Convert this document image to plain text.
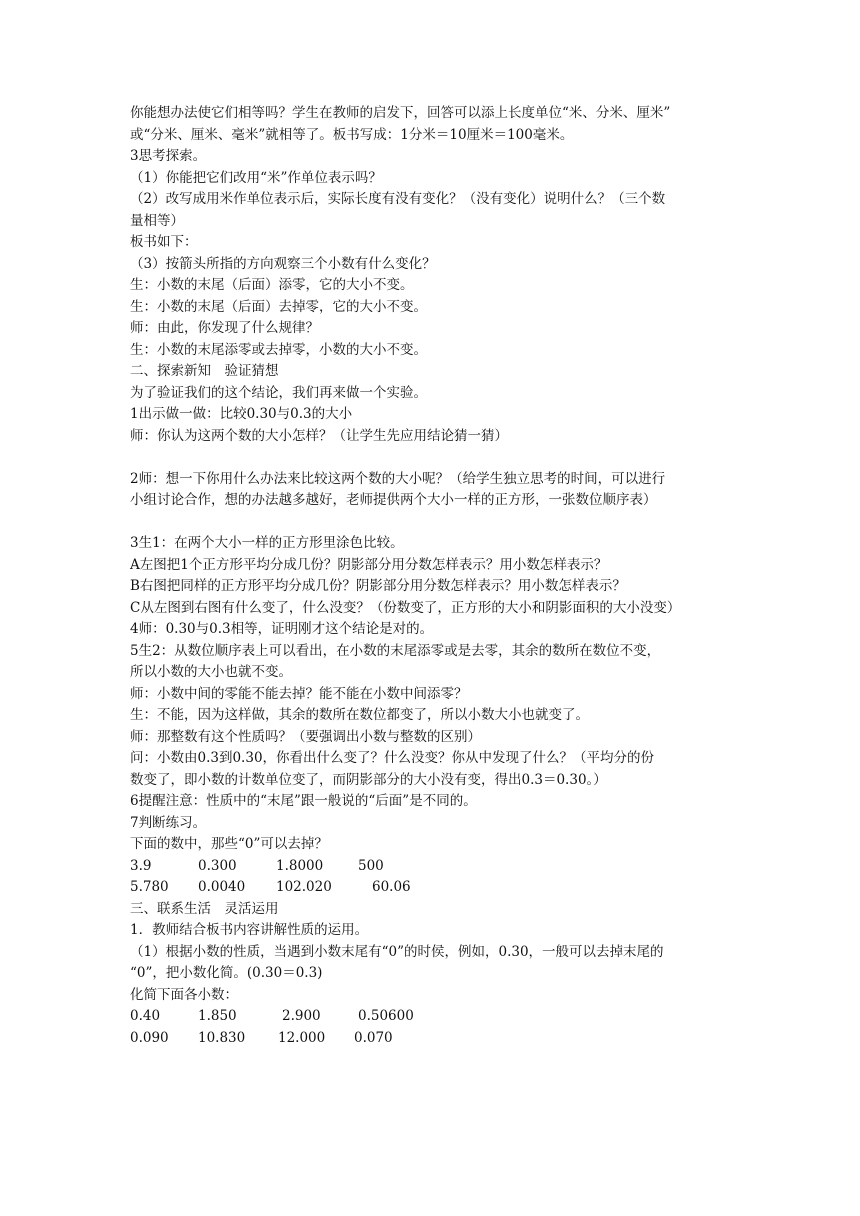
你能想办法使它们相等吗？学生在教师的启发下，回答可以添上长度单位“米、分米、厘米”

或“分米、厘米、毫米”就相等了。板书写成：1分米＝10厘米＝100毫米。

3思考探索。

（1）你能把它们改用“米”作单位表示吗？

（2）改写成用米作单位表示后，实际长度有没有变化？（没有变化）说明什么？（三个数

量相等）

板书如下：

（3）按箭头所指的方向观察三个小数有什么变化？

生：小数的末尾（后面）添零，它的大小不变。

生：小数的末尾（后面）去掉零，它的大小不变。

师：由此，你发现了什么规律？

生：小数的末尾添零或去掉零，小数的大小不变。

二、探索新知　验证猜想

为了验证我们的这个结论，我们再来做一个实验。

1出示做一做：比较0.30与0.3的大小

师：你认为这两个数的大小怎样？（让学生先应用结论猜一猜）

2师：想一下你用什么办法来比较这两个数的大小呢？（给学生独立思考的时间，可以进行

小组讨论合作，想的办法越多越好，老师提供两个大小一样的正方形，一张数位顺序表）

3生1：在两个大小一样的正方形里涂色比较。

A左图把1个正方形平均分成几份？阴影部分用分数怎样表示？用小数怎样表示？

B右图把同样的正方形平均分成几份？阴影部分用分数怎样表示？用小数怎样表示？

C从左图到右图有什么变了，什么没变？（份数变了，正方形的大小和阴影面积的大小没变）

4师：0.30与0.3相等，证明刚才这个结论是对的。

5生2：从数位顺序表上可以看出，在小数的末尾添零或是去零，其余的数所在数位不变，

所以小数的大小也就不变。

师：小数中间的零能不能去掉？能不能在小数中间添零？

生：不能，因为这样做，其余的数所在数位都变了，所以小数大小也就变了。

师：那整数有这个性质吗？（要强调出小数与整数的区别）

问：小数由0.3到0.30，你看出什么变了？什么没变？你从中发现了什么？（平均分的份

数变了，即小数的计数单位变了，而阴影部分的大小没有变，得出0.3＝0.30。）

6提醒注意：性质中的“末尾”跟一般说的“后面”是不同的。

7判断练习。

下面的数中，那些“0”可以去掉？

3.9	0.300	1.8000	500
5.780	0.0040	102.020	60.06

三、联系生活　灵活运用

1．教师结合板书内容讲解性质的运用。

（1）根据小数的性质，当遇到小数末尾有“0”的时侯，例如，0.30，一般可以去掉末尾的

“0”，把小数化简。(0.30＝0.3)

化简下面各小数：

0.40	1.850	2.900	0.50600
0.090	10.830	12.000	0.070
